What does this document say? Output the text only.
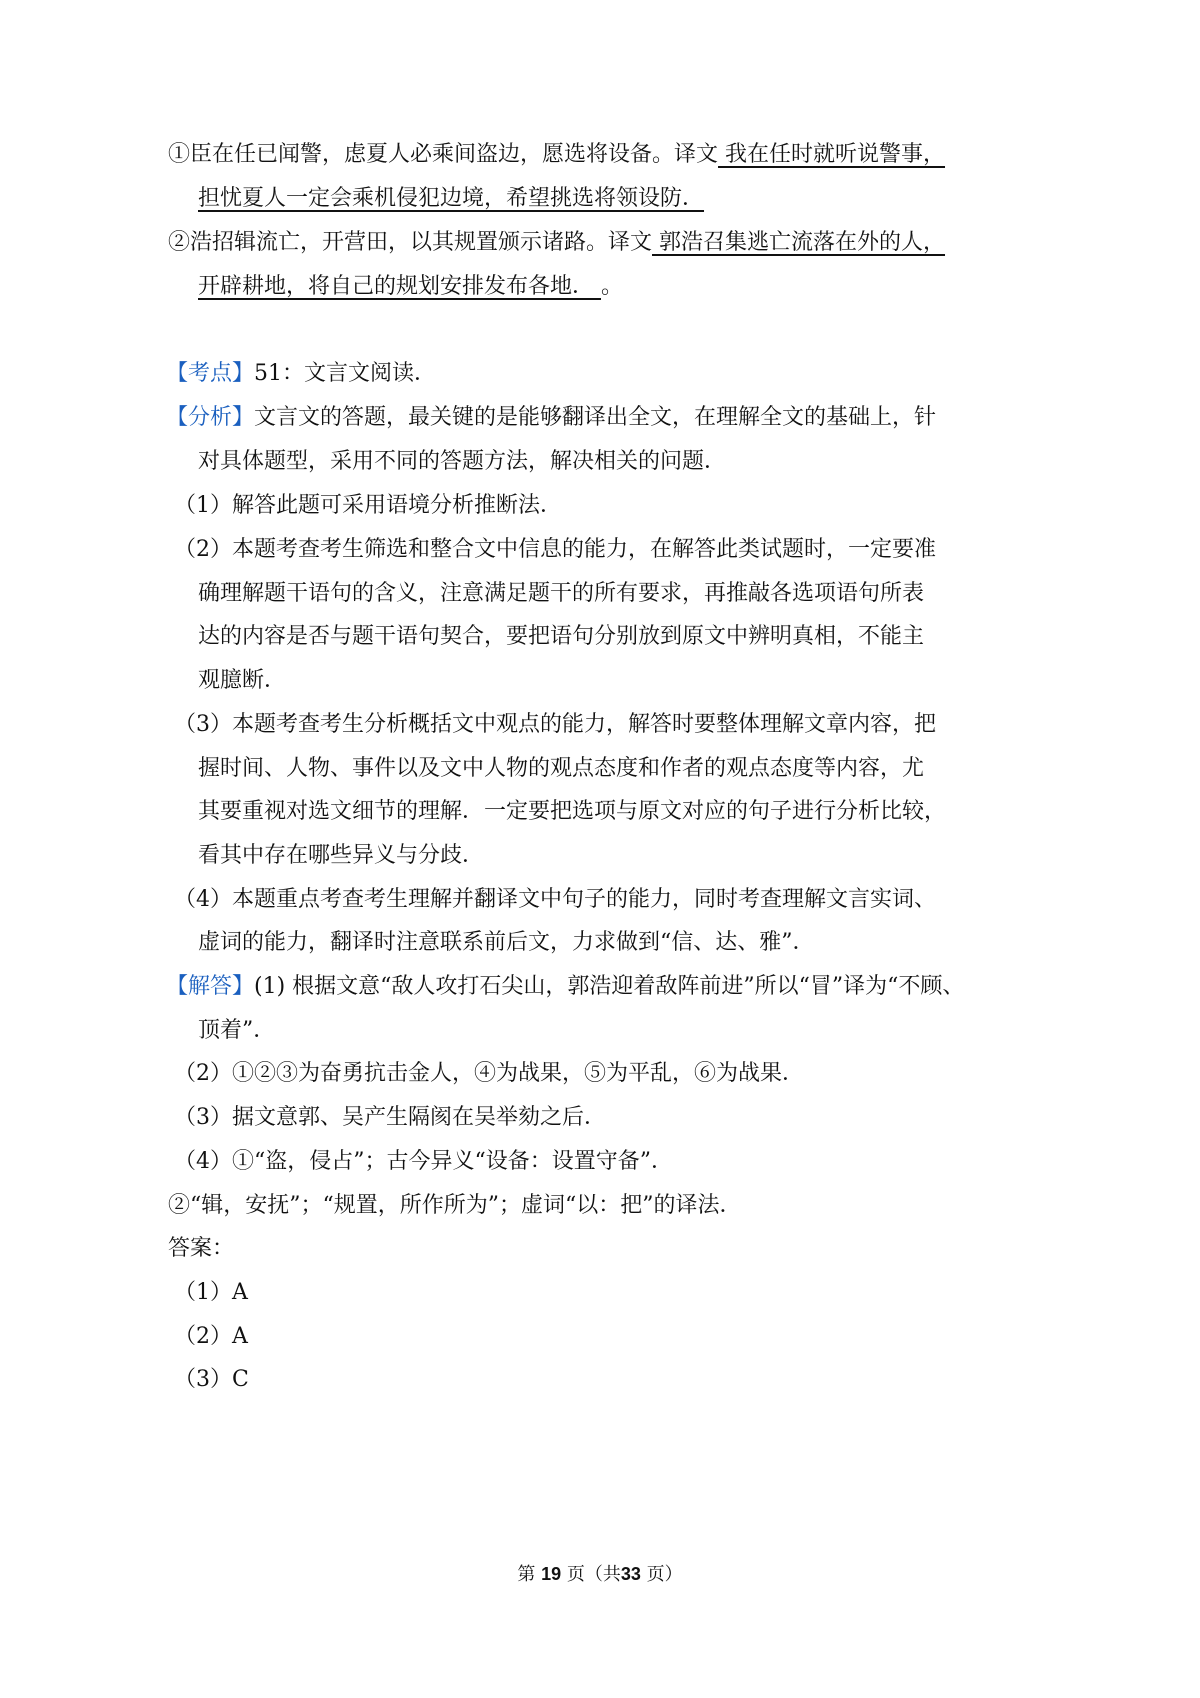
①臣在任已闻警，虑夏人必乘间盗边，愿选将设备。译文 我在任时就听说警事，
担忧夏人一定会乘机侵犯边境，希望挑选将领设防．
②浩招辑流亡，开营田，以其规置颁示诸路。译文 郭浩召集逃亡流落在外的人，
开辟耕地，将自己的规划安排发布各地． 。
【考点】51：文言文阅读．
【分析】文言文的答题，最关键的是能够翻译出全文，在理解全文的基础上，针
对具体题型，采用不同的答题方法，解决相关的问题．
（1）解答此题可采用语境分析推断法．
（2）本题考查考生筛选和整合文中信息的能力，在解答此类试题时，一定要准
确理解题干语句的含义，注意满足题干的所有要求，再推敲各选项语句所表
达的内容是否与题干语句契合，要把语句分别放到原文中辨明真相，不能主
观臆断．
（3）本题考查考生分析概括文中观点的能力，解答时要整体理解文章内容，把
握时间、人物、事件以及文中人物的观点态度和作者的观点态度等内容，尤
其要重视对选文细节的理解．一定要把选项与原文对应的句子进行分析比较，
看其中存在哪些异义与分歧．
（4）本题重点考查考生理解并翻译文中句子的能力，同时考查理解文言实词、
虚词的能力，翻译时注意联系前后文，力求做到“信、达、雅”．
【解答】(1) 根据文意“敌人攻打石尖山，郭浩迎着敌阵前进”所以“冒”译为“不顾、
顶着”．
（2）①②③为奋勇抗击金人，④为战果，⑤为平乱，⑥为战果．
（3）据文意郭、吴产生隔阂在吴举劾之后．
（4）①“盗，侵占”；古今异义“设备：设置守备”．
②“辑，安抚”；“规置，所作所为”；虚词“以：把”的译法．
答案：
（1）A
（2）A
（3）C
第 19 页（共33 页）
